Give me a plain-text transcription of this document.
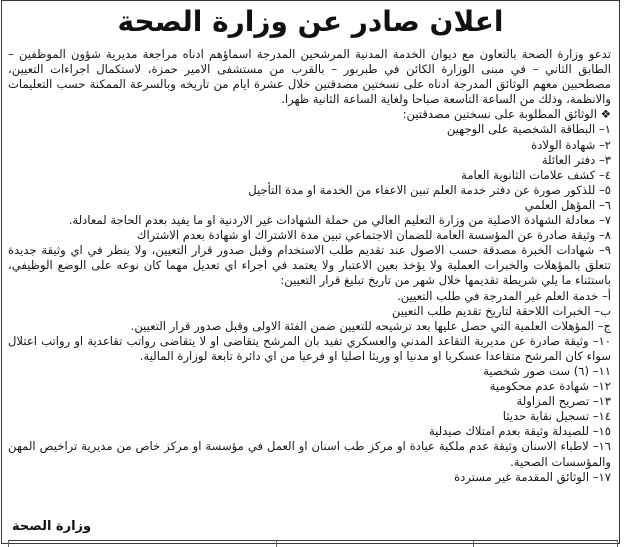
اعلان صادر عن وزارة الصحة

تدعو وزارة الصحة بالتعاون مع ديوان الخدمة المدنية المرشحين المدرجة اسماؤهم ادناه مراجعة مديرية شؤون الموظفين – الطابق الثاني – في مبنى الوزارة الكائن في طبربور – بالقرب من مستشفى الامير حمزة، لاستكمال اجراءات التعيين، مصطحبين معهم الوثائق المدرجة ادناه على نسختين مصدقتين خلال عشرة ايام من تاريخه وبالسرعة الممكنة حسب التعليمات والانظمة، وذلك من الساعة التاسعة صباحا ولغاية الساعة الثانية ظهرا.

❖ الوثائق المطلوبة على نسختين مصدقتين:

١– البطاقة الشخصية على الوجهين

٢– شهادة الولادة

٣– دفتر العائلة

٤– كشف علامات الثانوية العامة

٥– للذكور صورة عن دفتر خدمة العلم تبين الاعفاء من الخدمة او مدة التأجيل

٦– المؤهل العلمي

٧– معادلة الشهادة الاصلية من وزارة التعليم العالي من حملة الشهادات غير الاردنية او ما يفيد بعدم الحاجة لمعادلة.

٨– وثيقة صادرة عن المؤسسة العامة للضمان الاجتماعي تبين مدة الاشتراك او شهادة بعدم الاشتراك

٩– شهادات الخبرة مصدقة حسب الاصول عند تقديم طلب الاستخدام وقبل صدور قرار التعيين، ولا ينظر في اي وثيقة جديدة تتعلق بالمؤهلات والخبرات العملية ولا يؤخذ بعين الاعتبار ولا يعتمد في اجراء اي تعديل مهما كان نوعه على الوضع الوظيفي، باستثناء ما يلي شريطة تقديمها خلال شهر من تاريخ تبليغ قرار التعيين:

أ– خدمة العلم غير المدرجة في طلب التعيين.

ب– الخبرات اللاحقة لتاريخ تقديم طلب التعيين

ج– المؤهلات العلمية التي حصل عليها بعد ترشيحه للتعيين ضمن الفئة الاولى وقبل صدور قرار التعيين.

١٠– وثيقة صادرة عن مديرية التقاعد المدني والعسكري تفيد بان المرشح يتقاضى او لا يتقاضى رواتب تقاعدية او رواتب اعتلال سواء كان المرشح متقاعدا عسكريا او مدنيا او وريثا اصليا او فرعيا من اي دائرة تابعة لوزارة المالية.

١١– (٦) ست صور شخصية

١٢– شهادة عدم محكومية

١٣– تصريح المزاولة

١٤– تسجيل نقابة حديثا

١٥– للصيدلة وثيقة بعدم امتلاك صيدلية

١٦– لاطباء الاسنان وثيقة عدم ملكية عيادة او مركز طب اسنان او العمل في مؤسسة او مركز خاص من مديرية تراخيص المهن والمؤسسات الصحية.

١٧– الوثائق المقدمة غير مستردة

وزارة الصحة
